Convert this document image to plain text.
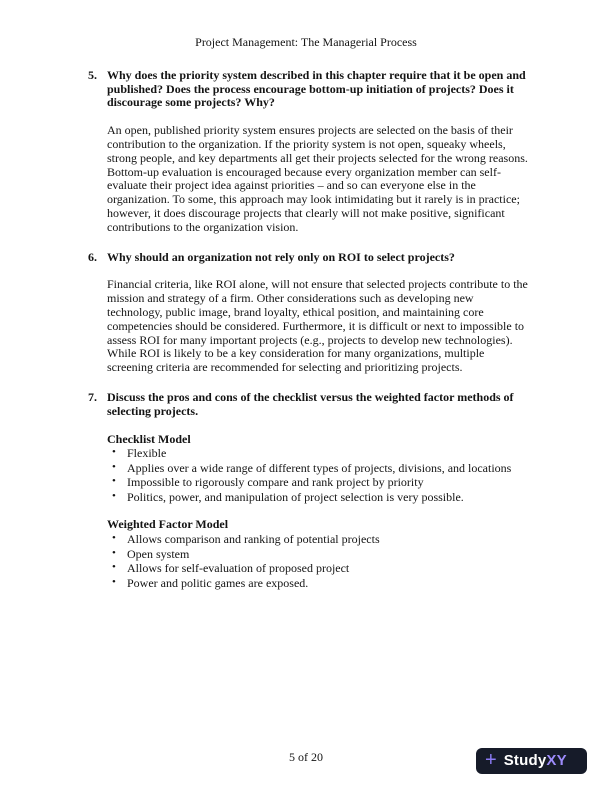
Project Management: The Managerial Process
5. Why does the priority system described in this chapter require that it be open and published? Does the process encourage bottom-up initiation of projects? Does it discourage some projects? Why?
An open, published priority system ensures projects are selected on the basis of their contribution to the organization. If the priority system is not open, squeaky wheels, strong people, and key departments all get their projects selected for the wrong reasons. Bottom-up evaluation is encouraged because every organization member can self-evaluate their project idea against priorities – and so can everyone else in the organization. To some, this approach may look intimidating but it rarely is in practice; however, it does discourage projects that clearly will not make positive, significant contributions to the organization vision.
6. Why should an organization not rely only on ROI to select projects?
Financial criteria, like ROI alone, will not ensure that selected projects contribute to the mission and strategy of a firm. Other considerations such as developing new technology, public image, brand loyalty, ethical position, and maintaining core competencies should be considered. Furthermore, it is difficult or next to impossible to assess ROI for many important projects (e.g., projects to develop new technologies). While ROI is likely to be a key consideration for many organizations, multiple screening criteria are recommended for selecting and prioritizing projects.
7. Discuss the pros and cons of the checklist versus the weighted factor methods of selecting projects.
Checklist Model
• Flexible
• Applies over a wide range of different types of projects, divisions, and locations
• Impossible to rigorously compare and rank project by priority
• Politics, power, and manipulation of project selection is very possible.
Weighted Factor Model
• Allows comparison and ranking of potential projects
• Open system
• Allows for self-evaluation of proposed project
• Power and politic games are exposed.
5 of 20	+ Study XY
